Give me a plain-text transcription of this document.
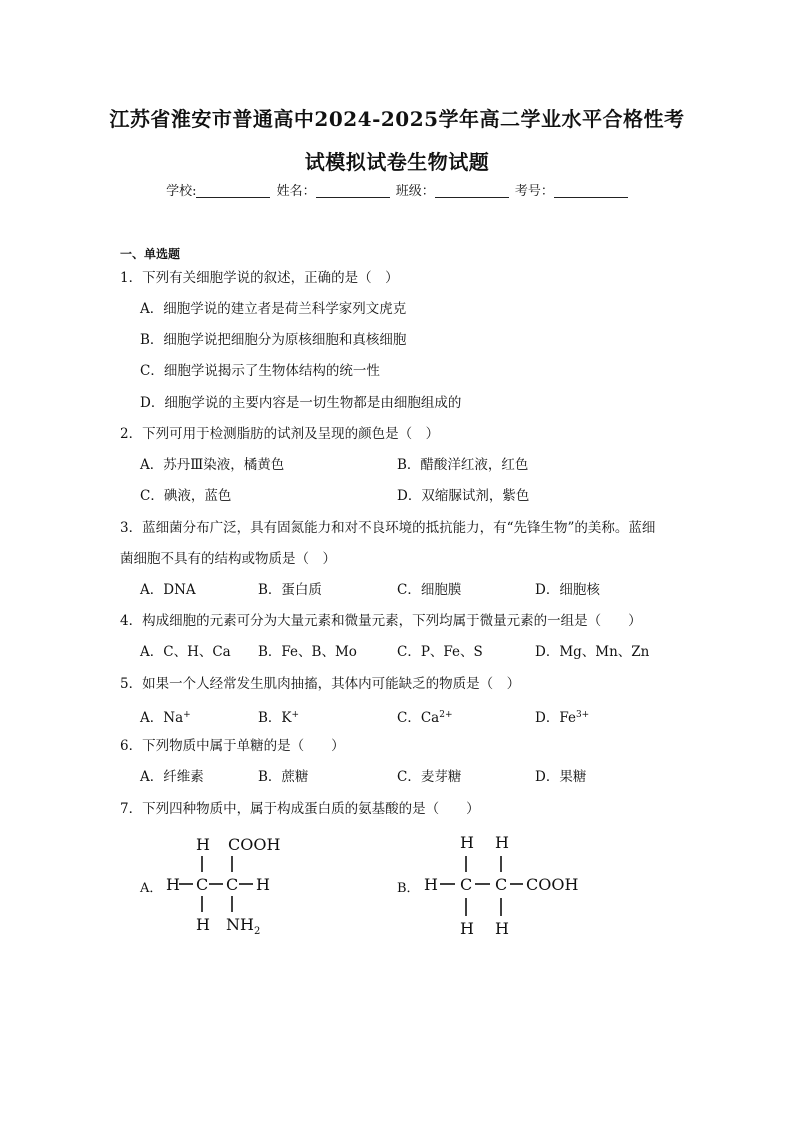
江苏省淮安市普通高中2024-2025学年高二学业水平合格性考
试模拟试卷生物试题
学校:	姓名：	班级：	考号：
一、单选题
1．下列有关细胞学说的叙述，正确的是（　）
A．细胞学说的建立者是荷兰科学家列文虎克
B．细胞学说把细胞分为原核细胞和真核细胞
C．细胞学说揭示了生物体结构的统一性
D．细胞学说的主要内容是一切生物都是由细胞组成的
2．下列可用于检测脂肪的试剂及呈现的颜色是（　）
A．苏丹Ⅲ染液，橘黄色	B．醋酸洋红液，红色
C．碘液，蓝色	D．双缩脲试剂，紫色
3．蓝细菌分布广泛，具有固氮能力和对不良环境的抵抗能力，有“先锋生物”的美称。蓝细
菌细胞不具有的结构或物质是（　）
A．DNA	B．蛋白质	C．细胞膜	D．细胞核
4．构成细胞的元素可分为大量元素和微量元素，下列均属于微量元素的一组是（　　）
A．C、H、Ca B．Fe、B、Mo	C．P、Fe、S	D．Mg、Mn、Zn
5．如果一个人经常发生肌肉抽搐，其体内可能缺乏的物质是（　）
A．Na+	B．K+	C．$Ca^{2+}$	D．$Fe^{3+}$
6．下列物质中属于单糖的是（　　）
A．纤维素	B．蔗糖	C．麦芽糖	D．果糖
7．下列四种物质中，属于构成蛋白质的氨基酸的是（　　）
A．
H COOH
H C C H
H NH 2
B．
H H
H C C COOH
H H
